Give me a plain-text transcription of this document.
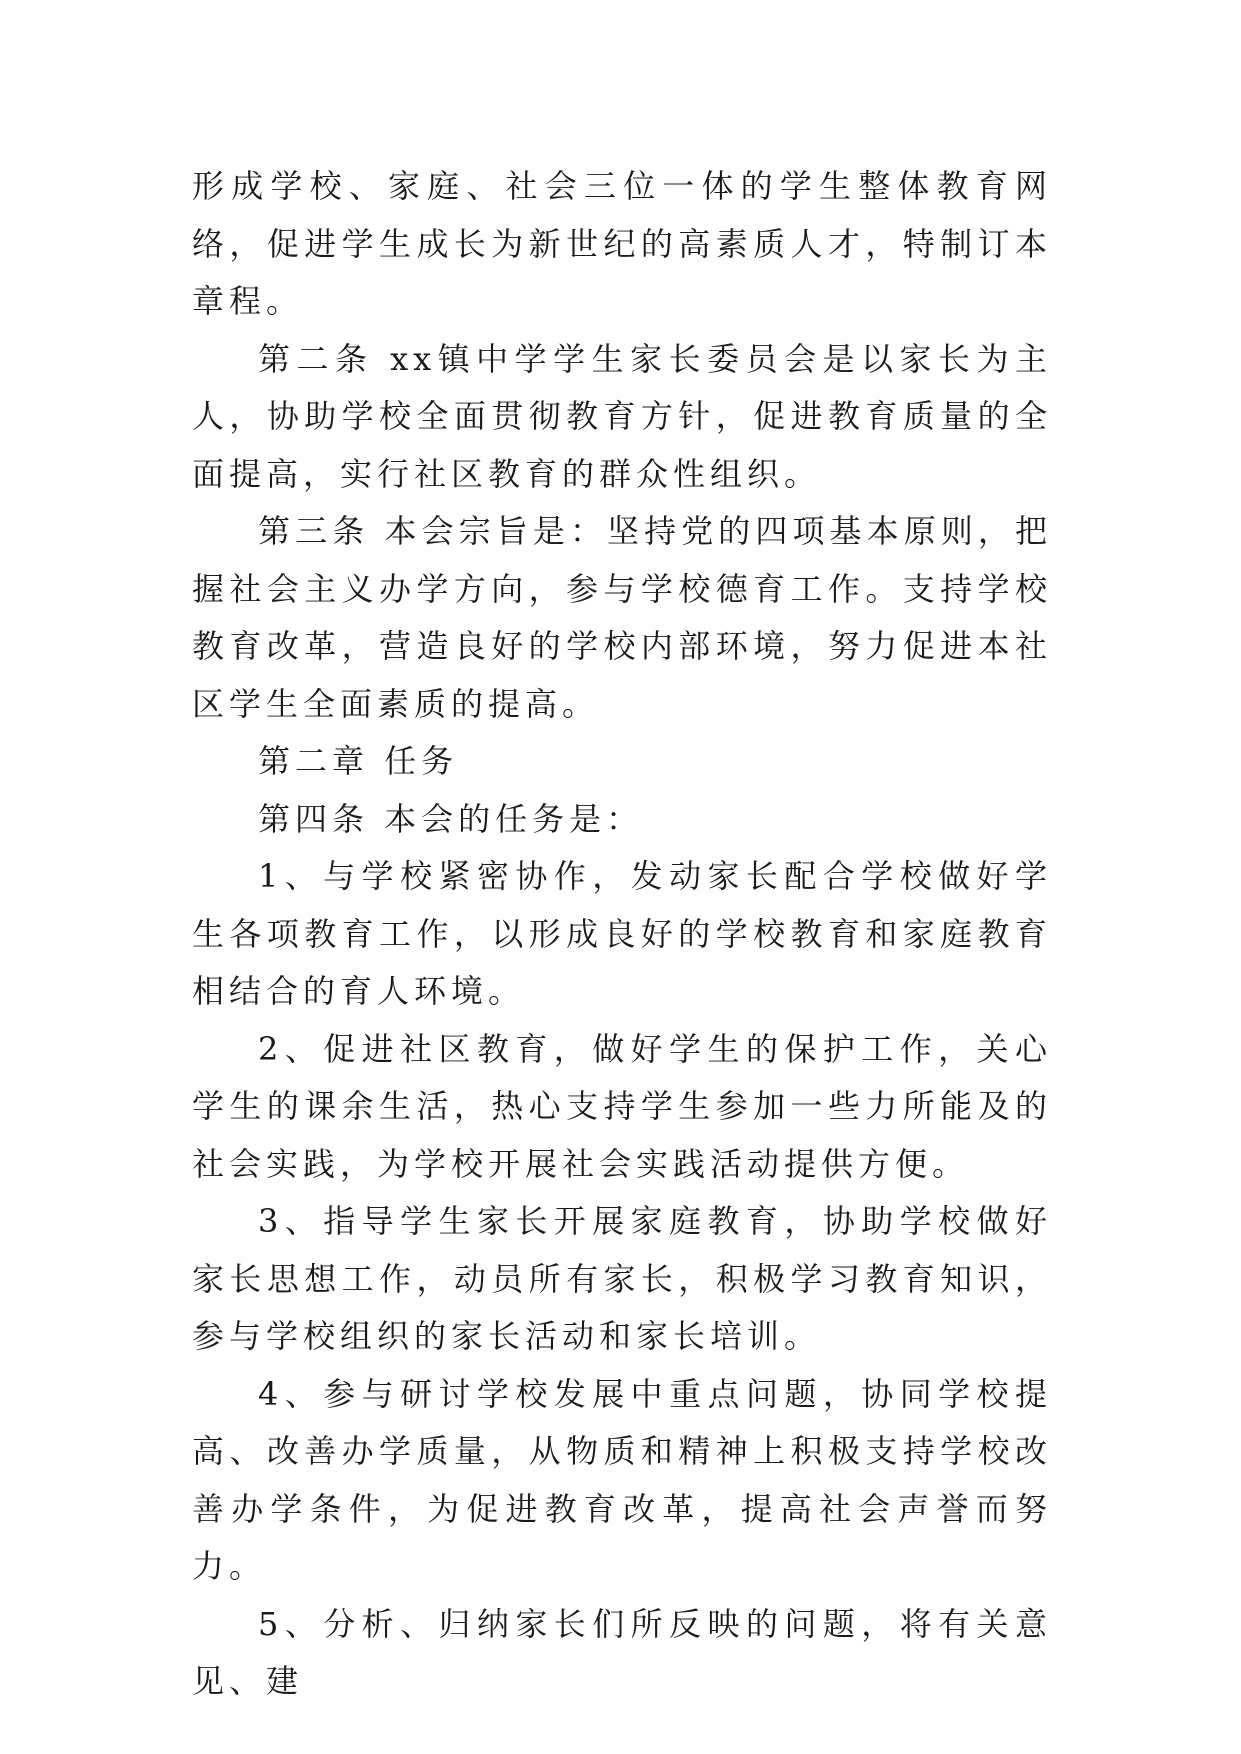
形成学校、家庭、社会三位一体的学生整体教育网络，促进学生成长为新世纪的高素质人才，特制订本章程。

第二条 xx镇中学学生家长委员会是以家长为主人，协助学校全面贯彻教育方针，促进教育质量的全面提高，实行社区教育的群众性组织。

第三条 本会宗旨是：坚持党的四项基本原则，把握社会主义办学方向，参与学校德育工作。支持学校教育改革，营造良好的学校内部环境，努力促进本社区学生全面素质的提高。

第二章 任务

第四条 本会的任务是：

1、与学校紧密协作，发动家长配合学校做好学生各项教育工作，以形成良好的学校教育和家庭教育相结合的育人环境。

2、促进社区教育，做好学生的保护工作，关心学生的课余生活，热心支持学生参加一些力所能及的社会实践，为学校开展社会实践活动提供方便。

3、指导学生家长开展家庭教育，协助学校做好家长思想工作，动员所有家长，积极学习教育知识，参与学校组织的家长活动和家长培训。

4、参与研讨学校发展中重点问题，协同学校提高、改善办学质量，从物质和精神上积极支持学校改善办学条件，为促进教育改革，提高社会声誉而努力。

5、分析、归纳家长们所反映的问题，将有关意见、建
